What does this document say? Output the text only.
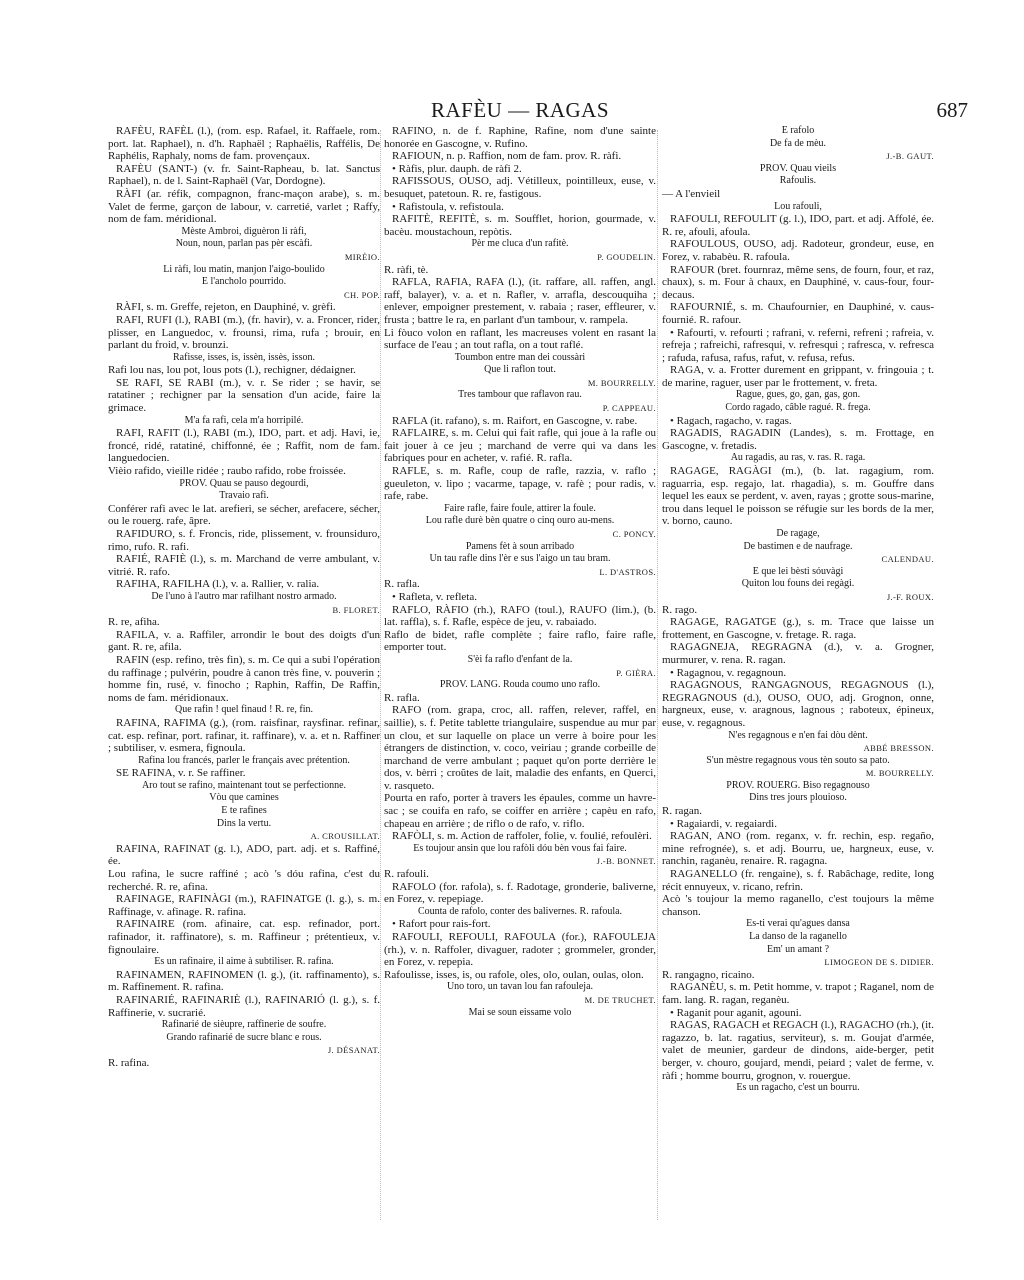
RAFÈU — RAGAS	687

RAFÈU, RAFÈL (l.), (rom. esp. Rafael, it. Raffaele, rom. port. lat. Raphael), n. d'h. Raphaël ; Raphaëlis, Raffélis, De Raphélis, Raphaly, noms de fam. provençaux.

RAFÈU (SANT-) (v. fr. Saint-Rapheau, b. lat. Sanctus Raphael), n. de l. Saint-Raphaël (Var, Dordogne).

RÀFI (ar. réfik, compagnon, franc-maçon arabe), s. m. Valet de ferme, garçon de labour, v. carretié, varlet ; Raffy, nom de fam. méridional.

Mèste Ambroi, diguèron li ràfi,

Noun, noun, parlan pas pèr escàfi.

MIRÈIO.

Li ràfi, lou matin, manjon l'aigo-boulido

E l'ancholo pourrido.

CH. POP.

RÀFI, s. m. Greffe, rejeton, en Dauphiné, v. grèfi.

RAFI, RUFI (l.), RABI (m.), (fr. havir), v. a. Froncer, rider, plisser, en Languedoc, v. frounsi, rima, rufa ; brouir, en parlant du froid, v. brounzi.

Rafisse, isses, is, issèn, issès, isson.

Rafi lou nas, lou pot, lous pots (l.), rechigner, dédaigner.

SE RAFI, SE RABI (m.), v. r. Se rider ; se havir, se ratatiner ; rechigner par la sensation d'un acide, faire la grimace.

M'a fa rafi, cela m'a horripilé.

RAFI, RAFIT (l.), RABI (m.), IDO, part. et adj. Havi, ie, froncé, ridé, ratatiné, chiffonné, ée ; Raffit, nom de fam. languedocien.

Vièio rafido, vieille ridée ; raubo rafido, robe froissée.

PROV. Quau se pauso degourdi,

Travaio rafi.

Conférer rafi avec le lat. arefieri, se sécher, arefacere, sécher, ou le rouerg. rafe, âpre.

RAFIDURO, s. f. Froncis, ride, plissement, v. frounsiduro, rimo, rufo. R. rafi.

RAFIÉ, RAFIÈ (l.), s. m. Marchand de verre ambulant, v. vitrié. R. rafo.

RAFIHA, RAFILHA (l.), v. a. Rallier, v. ralia.

De l'uno à l'autro mar rafilhant nostro armado.

B. FLORET.

R. re, afiha.

RAFILA, v. a. Raffiler, arrondir le bout des doigts d'un gant. R. re, afila.

RAFIN (esp. refino, très fin), s. m. Ce qui a subi l'opération du raffinage ; pulvérin, poudre à canon très fine, v. pouverin ; homme fin, rusé, v. finocho ; Raphin, Raffin, De Raffin, noms de fam. méridionaux.

Que rafin ! quel finaud ! R. re, fin.

RAFINA, RAFIMA (g.), (rom. raisfinar, raysfinar. refinar, cat. esp. refinar, port. rafinar, it. raffinare), v. a. et n. Raffiner ; subtiliser, v. esmera, fignoula.

Rafina lou francés, parler le français avec prétention.

SE RAFINA, v. r. Se raffiner.

Aro tout se rafino, maintenant tout se perfectionne.

Vòu que camines

E te rafines

Dins la vertu.

A. CROUSILLAT.

RAFINA, RAFINAT (g. l.), ADO, part. adj. et s. Raffiné, ée.

Lou rafina, le sucre raffiné ; acò 's dóu rafina, c'est du recherché. R. re, afina.

RAFINAGE, RAFINÀGI (m.), RAFINATGE (l. g.), s. m. Raffinage, v. afinage. R. rafina.

RAFINAIRE (rom. afinaire, cat. esp. refinador, port. rafinador, it. raffinatore), s. m. Raffineur ; prétentieux, v. fignoulaire.

Es un rafinaire, il aime à subtiliser. R. rafina.

RAFINAMEN, RAFINOMEN (l. g.), (it. raffinamento), s. m. Raffinement. R. rafina.

RAFINARIÉ, RAFINARIÈ (l.), RAFINARIÓ (l. g.), s. f. Raffinerie, v. sucrarié.

Rafinarié de sièupre, raffinerie de soufre.

Grando rafinarié de sucre blanc e rous.

J. DÉSANAT.

R. rafina.

RAFINO, n. de f. Raphine, Rafine, nom d'une sainte honorée en Gascogne, v. Rufino.

RAFIOUN, n. p. Raffion, nom de fam. prov. R. ràfi.

• Ràfis, plur. dauph. de ràfi 2.

RAFISSOUS, OUSO, adj. Vétilleux, pointilleux, euse, v. besuquet, patetoun. R. re, fastigous.

• Rafistoula, v. refistoula.

RAFITÈ, REFITÈ, s. m. Soufflet, horion, gourmade, v. bacèu. moustachoun, repòtis.

Pèr me cluca d'un rafitè.

P. GOUDELIN.

R. ràfi, tè.

RAFLA, RAFIA, RAFA (l.), (it. raffare, all. raffen, angl. raff, balayer), v. a. et n. Rafler, v. arrafla, descouquiha ; enlever, empoigner prestement, v. rabaia ; raser, effleurer, v. frusta ; battre le ra, en parlant d'un tambour, v. rampela.

Li fòuco volon en raflant, les macreuses volent en rasant la surface de l'eau ; an tout rafla, on a tout raflé.

Toumbon entre man dei coussàri

Que li raflon tout.

M. BOURRELLY.

Tres tambour que raflavon rau.

P. CAPPEAU.

RAFLA (it. rafano), s. m. Raifort, en Gascogne, v. rabe.

RAFLAIRE, s. m. Celui qui fait rafle, qui joue à la rafle ou fait jouer à ce jeu ; marchand de verre qui va dans les fabriques pour en acheter, v. rafié. R. rafla.

RAFLE, s. m. Rafle, coup de rafle, razzia, v. raflo ; gueuleton, v. lipo ; vacarme, tapage, v. rafè ; pour radis, v. rafe, rabe.

Faire rafle, faire foule, attirer la foule.

Lou rafle durè bèn quatre o cinq ouro au-mens.

C. PONCY.

Pamens fèt à soun arribado

Un tau rafle dins l'èr e sus l'aigo un tau bram.

L. D'ASTROS.

R. rafla.

• Rafleta, v. refleta.

RAFLO, RÀFIO (rh.), RAFO (toul.), RAUFO (lim.), (b. lat. raffla), s. f. Rafle, espèce de jeu, v. rabaiado.

Raflo de bidet, rafle complète ; faire raflo, faire rafle, emporter tout.

S'èi fa raflo d'enfant de la.

P. GIÈRA.

PROV. LANG. Rouda coumo uno raflo.

R. rafla.

RAFO (rom. grapa, croc, all. raffen, relever, raffel, en saillie), s. f. Petite tablette triangulaire, suspendue au mur par un clou, et sur laquelle on place un verre à boire pour les étrangers de distinction, v. coco, veiriau ; grande corbeille de marchand de verre ambulant ; paquet qu'on porte derrière le dos, v. bèrri ; croûtes de lait, maladie des enfants, en Querci, v. rasqueto.

Pourta en rafo, porter à travers les épaules, comme un havre-sac ; se couifa en rafo, se coiffer en arrière ; capèu en rafo, chapeau en arrière ; de riflo o de rafo, v. riflo.

RAFÒLI, s. m. Action de raffoler, folie, v. foulié, refoulèri.

Es toujour ansin que lou rafòli dóu bèn vous fai faire.

J.-B. BONNET.

R. rafouli.

RAFOLO (for. rafola), s. f. Radotage, gronderie, baliverne, en Forez, v. repepiage.

Counta de rafolo, conter des balivernes. R. rafoula.

• Rafort pour rais-fort.

RAFOULI, REFOULI, RAFOULA (for.), RAFOULEJA (rh.), v. n. Raffoler, divaguer, radoter ; grommeler, gronder, en Forez, v. repepia.

Rafoulisse, isses, is, ou rafole, oles, olo, oulan, oulas, olon.

Uno toro, un tavan lou fan rafouleja.

M. DE TRUCHET.

Mai se soun eissame volo

E rafolo

De fa de mèu.

J.-B. GAUT.

PROV. Quau vieils

Rafoulis.

— A l'envieil

Lou rafouli,

RAFOULI, REFOULIT (g. l.), IDO, part. et adj. Affolé, ée. R. re, afouli, afoula.

RAFOULOUS, OUSO, adj. Radoteur, grondeur, euse, en Forez, v. rababèu. R. rafoula.

RAFOUR (bret. fournraz, même sens, de fourn, four, et raz, chaux), s. m. Four à chaux, en Dauphiné, v. caus-four, four-decaus.

RAFOURNIÉ, s. m. Chaufournier, en Dauphiné, v. caus-fournié. R. rafour.

• Rafourti, v. refourti ; rafrani, v. referni, refreni ; rafreia, v. refreja ; rafreichi, rafresqui, v. refresqui ; rafresca, v. refresca ; rafuda, rafusa, rafus, rafut, v. refusa, refus.

RAGA, v. a. Frotter durement en grippant, v. fringouia ; t. de marine, raguer, user par le frottement, v. freta.

Rague, gues, go, gan, gas, gon.

Cordo ragado, câble ragué. R. frega.

• Ragach, ragacho, v. ragas.

RAGADIS, RAGADIN (Landes), s. m. Frottage, en Gascogne, v. fretadis.

Au ragadis, au ras, v. ras. R. raga.

RAGAGE, RAGÀGI (m.), (b. lat. ragagium, rom. raguarria, esp. regajo, lat. rhagadia), s. m. Gouffre dans lequel les eaux se perdent, v. aven, rayas ; grotte sous-marine, trou dans lequel le poisson se réfugie sur les bords de la mer, v. borno, cauno.

De ragage,

De bastimen e de naufrage.

CALENDAU.

E que lei bèsti sóuvàgi

Quiton lou founs dei regàgi.

J.-F. ROUX.

R. rago.

RAGAGE, RAGATGE (g.), s. m. Trace que laisse un frottement, en Gascogne, v. fretage. R. raga.

RAGAGNEJA, REGRAGNA (d.), v. a. Grogner, murmurer, v. rena. R. ragan.

• Ragagnou, v. regagnoun.

RAGAGNOUS, RANGAGNOUS, REGAGNOUS (l.), REGRAGNOUS (d.), OUSO, OUO, adj. Grognon, onne, hargneux, euse, v. aragnous, lagnous ; raboteux, épineux, euse, v. regagnous.

N'es regagnous e n'en fai dòu dènt.

ABBÉ BRESSON.

S'un mèstre regagnous vous tèn souto sa pato.

M. BOURRELLY.

PROV. ROUERG. Biso regagnouso

Dins tres jours plouioso.

R. ragan.

• Ragaiardi, v. regaiardi.

RAGAN, ANO (rom. reganx, v. fr. rechin, esp. regaño, mine refrognée), s. et adj. Bourru, ue, hargneux, euse, v. ranchin, raganèu, renaire. R. ragagna.

RAGANELLO (fr. rengaine), s. f. Rabâchage, redite, long récit ennuyeux, v. ricano, refrin.

Acò 's toujour la memo raganello, c'est toujours la même chanson.

Es-ti verai qu'agues dansa

La danso de la raganello

Em' un amant ?

LIMOGEON DE S. DIDIER.

R. rangagno, ricaino.

RAGANÈU, s. m. Petit homme, v. trapot ; Raganel, nom de fam. lang. R. ragan, reganèu.

• Raganit pour aganit, agouni.

RAGAS, RAGACH et REGACH (l.), RAGACHO (rh.), (it. ragazzo, b. lat. ragatius, serviteur), s. m. Goujat d'armée, valet de meunier, gardeur de dindons, aide-berger, petit berger, v. chouro, goujard, mendi, peiard ; valet de ferme, v. ràfi ; homme bourru, grognon, v. rouergue.

Es un ragacho, c'est un bourru.
